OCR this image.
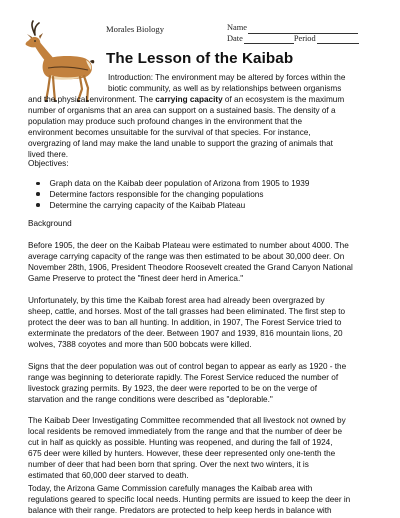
Morales Biology	Name
Date	Period
The Lesson of the Kaibab
Introduction: The environment may be altered by forces within the
biotic community, as well as by relationships between organisms
and the physical environment. The carrying capacity of an ecosystem is the maximum
number of organisms that an area can support on a sustained basis. The density of a
population may produce such profound changes in the environment that the
environment becomes unsuitable for the survival of that species. For instance,
overgrazing of land may make the land unable to support the grazing of animals that
lived there.
Objectives:
Graph data on the Kaibab deer population of Arizona from 1905 to 1939
Determine factors responsible for the changing populations
Determine the carrying capacity of the Kaibab Plateau
Background
Before 1905, the deer on the Kaibab Plateau were estimated to number about 4000. The
average carrying capacity of the range was then estimated to be about 30,000 deer. On
November 28th, 1906, President Theodore Roosevelt created the Grand Canyon National
Game Preserve to protect the "finest deer herd in America."
Unfortunately, by this time the Kaibab forest area had already been overgrazed by
sheep, cattle, and horses. Most of the tall grasses had been eliminated. The first step to
protect the deer was to ban all hunting. In addition, in 1907, The Forest Service tried to
exterminate the predators of the deer. Between 1907 and 1939, 816 mountain lions, 20
wolves, 7388 coyotes and more than 500 bobcats were killed.
Signs that the deer population was out of control began to appear as early as 1920 - the
range was beginning to deteriorate rapidly. The Forest Service reduced the number of
livestock grazing permits. By 1923, the deer were reported to be on the verge of
starvation and the range conditions were described as "deplorable."
The Kaibab Deer Investigating Committee recommended that all livestock not owned by
local residents be removed immediately from the range and that the number of deer be
cut in half as quickly as possible. Hunting was reopened, and during the fall of 1924,
675 deer were killed by hunters. However, these deer represented only one-tenth the
number of deer that had been born that spring. Over the next two winters, it is
estimated that 60,000 deer starved to death.
Today, the Arizona Game Commission carefully manages the Kaibab area with
regulations geared to specific local needs. Hunting permits are issued to keep the deer in
balance with their range. Predators are protected to help keep herds in balance with
